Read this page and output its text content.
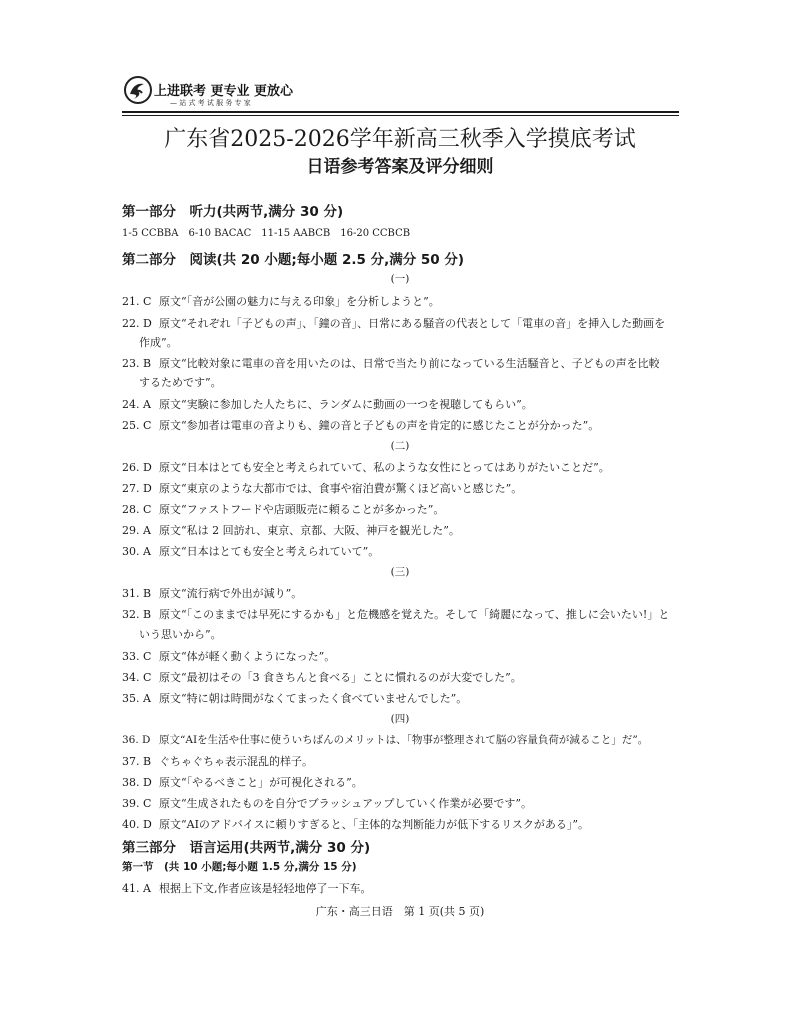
上进联考 更专业 更放心
— 站 式 考 试 服 务 专 家
广东省2025-2026学年新高三秋季入学摸底考试
日语参考答案及评分细则
第一部分　听力(共两节,满分 30 分)
1-5 CCBBA　6-10 BACAC　11-15 AABCB　16-20 CCBCB
第二部分　阅读(共 20 小题;每小题 2.5 分,满分 50 分)
(一)
21. C 原文“「音が公園の魅力に与える印象」を分析しようと”。
22. D 原文“それぞれ「子どもの声」、「鐘の音」、日常にある騒音の代表として「電車の音」を挿入した動画を
作成”。
23. B 原文“比較対象に電車の音を用いたのは、日常で当たり前になっている生活騒音と、子どもの声を比較
するためです”。
24. A 原文“実験に参加した人たちに、ランダムに動画の一つを視聴してもらい”。
25. C 原文“参加者は電車の音よりも、鐘の音と子どもの声を肯定的に感じたことが分かった”。
(二)
26. D 原文“日本はとても安全と考えられていて、私のような女性にとってはありがたいことだ”。
27. D 原文“東京のような大都市では、食事や宿泊費が驚くほど高いと感じた”。
28. C 原文“ファストフードや店頭販売に頼ることが多かった”。
29. A 原文“私は 2 回訪れ、東京、京都、大阪、神戸を観光した”。
30. A 原文“日本はとても安全と考えられていて”。
(三)
31. B 原文“流行病で外出が減り”。
32. B 原文“「このままでは早死にするかも」と危機感を覚えた。そして「綺麗になって、推しに会いたい!」と
いう思いから”。
33. C 原文“体が軽く動くようになった”。
34. C 原文“最初はその「3 食きちんと食べる」ことに慣れるのが大変でした”。
35. A 原文“特に朝は時間がなくてまったく食べていませんでした”。
(四)
36. D 原文“AIを生活や仕事に使ういちばんのメリットは、「物事が整理されて脳の容量負荷が減ること」だ”。
37. B ぐちゃぐちゃ表示混乱的样子。
38. D 原文“「やるべきこと」が可視化される”。
39. C 原文“生成されたものを自分でブラッシュアップしていく作業が必要です”。
40. D 原文“AIのアドバイスに頼りすぎると、「主体的な判断能力が低下するリスクがある」”。
第三部分　语言运用(共两节,满分 30 分)
第一节　(共 10 小题;每小题 1.5 分,满分 15 分)
41. A 根据上下文,作者应该是轻轻地停了一下车。
广东・高三日语　第 1 页(共 5 页)
